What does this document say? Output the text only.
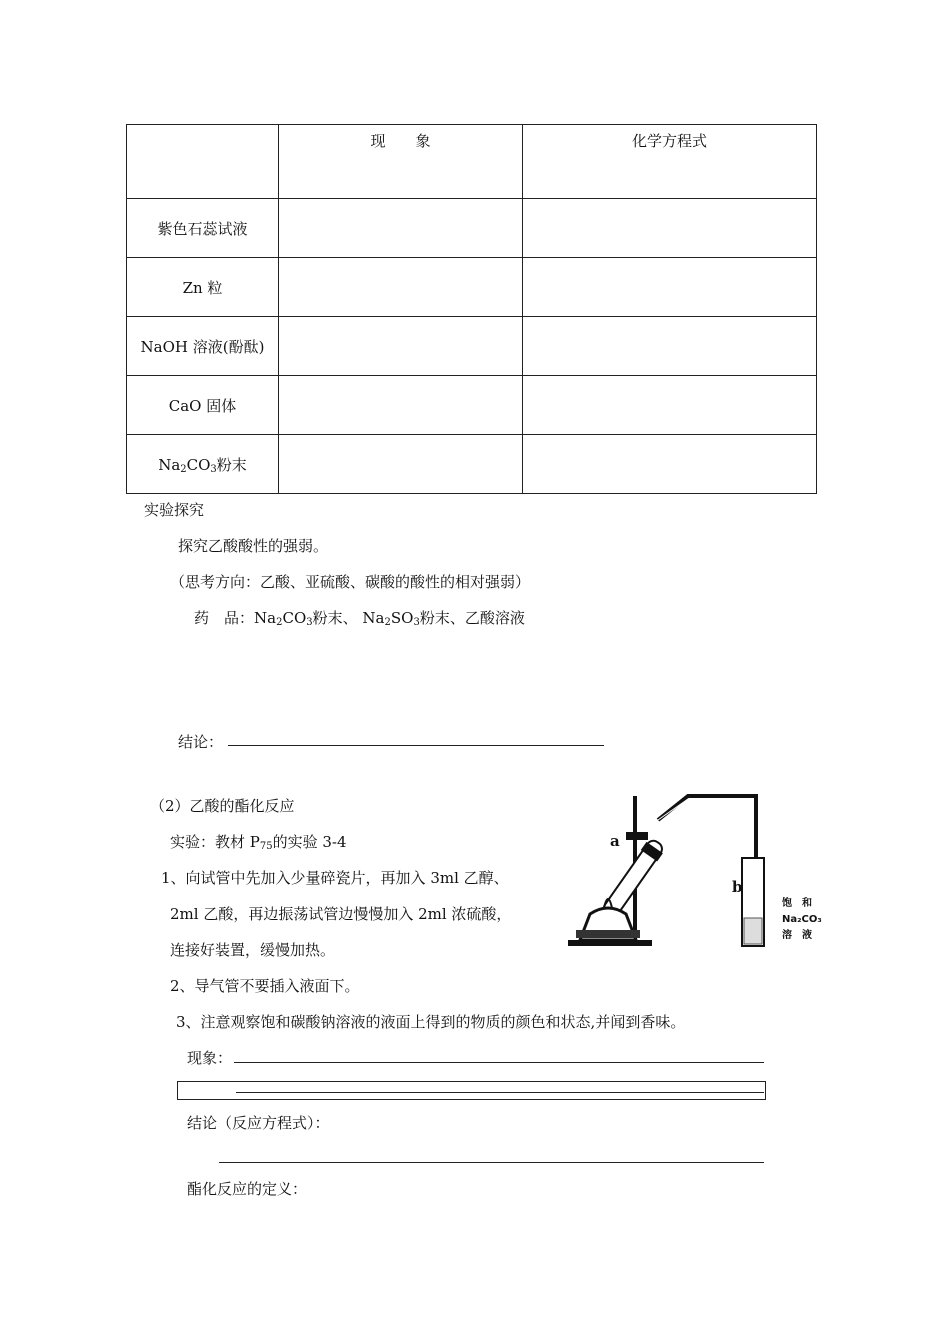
	现　　象	化学方程式
紫色石蕊试液		
Zn 粒		
NaOH 溶液(酚酞)		
CaO 固体		
$Na_2CO_3$粉末		
实验探究
探究乙酸酸性的强弱。
（思考方向：乙酸、亚硫酸、碳酸的酸性的相对强弱）
药　品：$Na_2CO_3$粉末、 $Na_2SO_3$粉末、乙酸溶液
结论：
（2）乙酸的酯化反应
实验：教材 $P_{75}$的实验 3-4
1、向试管中先加入少量碎瓷片，再加入 3ml 乙醇、
2ml 乙酸，再边振荡试管边慢慢加入 2ml 浓硫酸，
连接好装置，缓慢加热。
2、导气管不要插入液面下。
3、注意观察饱和碳酸钠溶液的液面上得到的物质的颜色和状态,并闻到香味。
现象：
结论（反应方程式）：
酯化反应的定义：
a
b
饱　和
Na₂CO₃
溶　液
